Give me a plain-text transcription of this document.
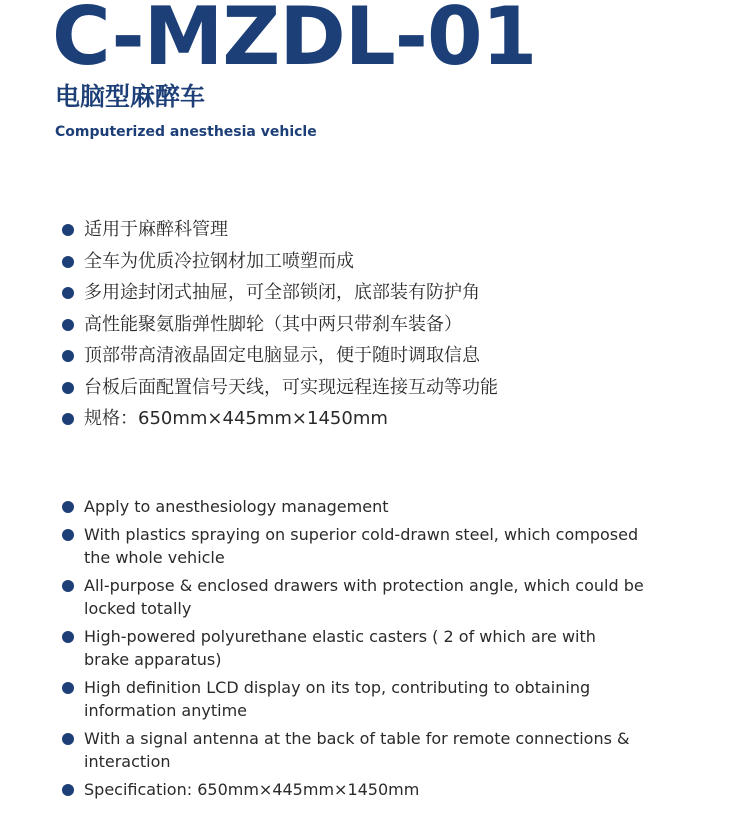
C-MZDL-01
电脑型麻醉车
Computerized anesthesia vehicle
适用于麻醉科管理
全车为优质冷拉钢材加工喷塑而成
多用途封闭式抽屉，可全部锁闭，底部装有防护角
高性能聚氨脂弹性脚轮（其中两只带刹车装备）
顶部带高清液晶固定电脑显示，便于随时调取信息
台板后面配置信号天线，可实现远程连接互动等功能
规格：650mm×445mm×1450mm
Apply to anesthesiology management
With plastics spraying on superior cold-drawn steel, which composed the whole vehicle
All-purpose & enclosed drawers with protection angle, which could be locked totally
High-powered polyurethane elastic casters ( 2 of which are with brake apparatus)
High definition LCD display on its top, contributing to obtaining information anytime
With a signal antenna at the back of table for remote connections & interaction
Specification: 650mm×445mm×1450mm
